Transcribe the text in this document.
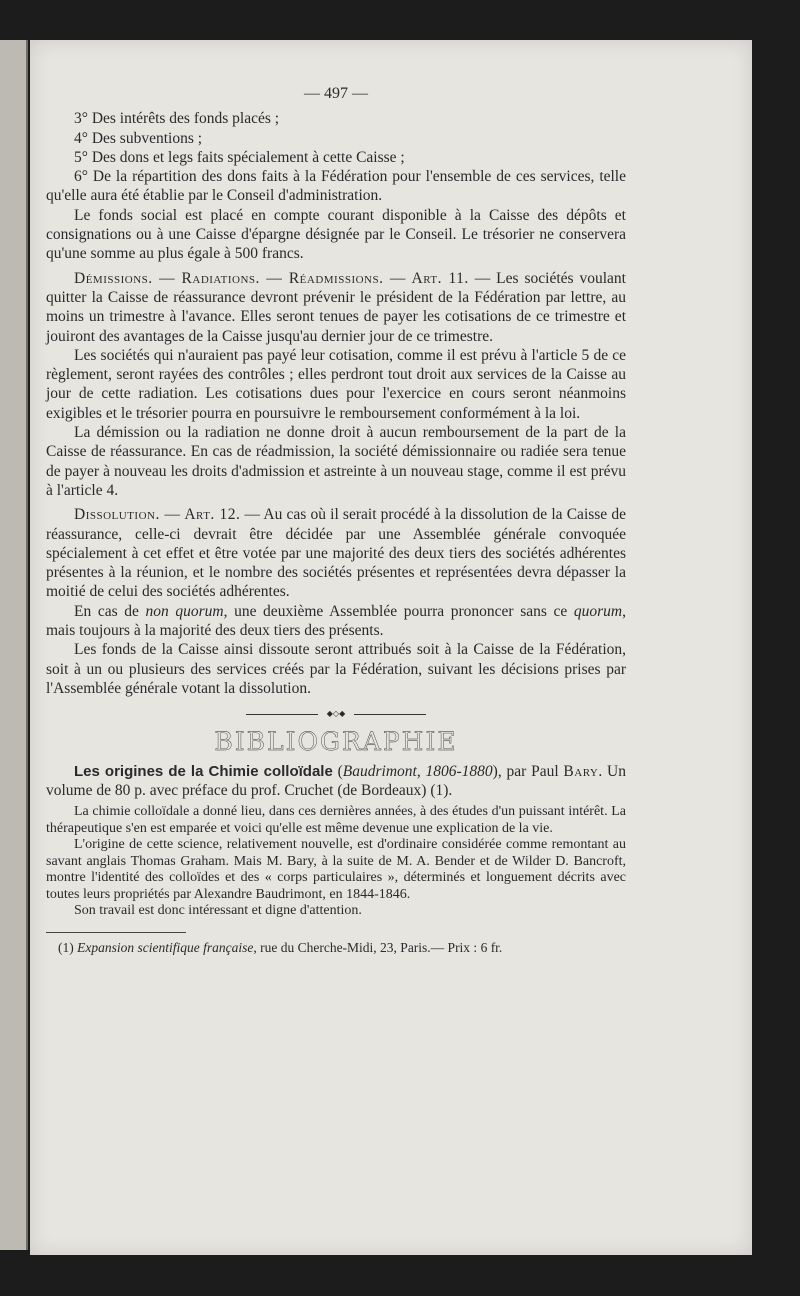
— 497 —

3° Des intérêts des fonds placés ;

4° Des subventions ;

5° Des dons et legs faits spécialement à cette Caisse ;

6° De la répartition des dons faits à la Fédération pour l'ensemble de ces services, telle qu'elle aura été établie par le Conseil d'administration.

Le fonds social est placé en compte courant disponible à la Caisse des dépôts et consignations ou à une Caisse d'épargne désignée par le Conseil. Le trésorier ne conservera qu'une somme au plus égale à 500 francs.

Démissions. — Radiations. — Réadmissions. — Art. 11. — Les sociétés voulant quitter la Caisse de réassurance devront prévenir le président de la Fédération par lettre, au moins un trimestre à l'avance. Elles seront tenues de payer les cotisations de ce trimestre et jouiront des avantages de la Caisse jusqu'au dernier jour de ce trimestre.

Les sociétés qui n'auraient pas payé leur cotisation, comme il est prévu à l'article 5 de ce règlement, seront rayées des contrôles ; elles perdront tout droit aux services de la Caisse au jour de cette radiation. Les cotisations dues pour l'exercice en cours seront néanmoins exigibles et le trésorier pourra en poursuivre le remboursement conformément à la loi.

La démission ou la radiation ne donne droit à aucun remboursement de la part de la Caisse de réassurance. En cas de réadmission, la société démissionnaire ou radiée sera tenue de payer à nouveau les droits d'admission et astreinte à un nouveau stage, comme il est prévu à l'article 4.

Dissolution. — Art. 12. — Au cas où il serait procédé à la dissolution de la Caisse de réassurance, celle-ci devrait être décidée par une Assemblée générale convoquée spécialement à cet effet et être votée par une majorité des deux tiers des sociétés adhérentes présentes à la réunion, et le nombre des sociétés présentes et représentées devra dépasser la moitié de celui des sociétés adhérentes.

En cas de non quorum, une deuxième Assemblée pourra prononcer sans ce quorum, mais toujours à la majorité des deux tiers des présents.

Les fonds de la Caisse ainsi dissoute seront attribués soit à la Caisse de la Fédération, soit à un ou plusieurs des services créés par la Fédération, suivant les décisions prises par l'Assemblée générale votant la dissolution.

◆◇◆
BIBLIOGRAPHIE

Les origines de la Chimie colloïdale (Baudrimont, 1806-1880), par Paul Bary. Un volume de 80 p. avec préface du prof. Cruchet (de Bordeaux) (1).

La chimie colloïdale a donné lieu, dans ces dernières années, à des études d'un puissant intérêt. La thérapeutique s'en est emparée et voici qu'elle est même devenue une explication de la vie.

L'origine de cette science, relativement nouvelle, est d'ordinaire considérée comme remontant au savant anglais Thomas Graham. Mais M. Bary, à la suite de M. A. Bender et de Wilder D. Bancroft, montre l'identité des colloïdes et des « corps particulaires », déterminés et longuement décrits avec toutes leurs propriétés par Alexandre Baudrimont, en 1844-1846.

Son travail est donc intéressant et digne d'attention.

(1) Expansion scientifique française, rue du Cherche-Midi, 23, Paris.— Prix : 6 fr.
